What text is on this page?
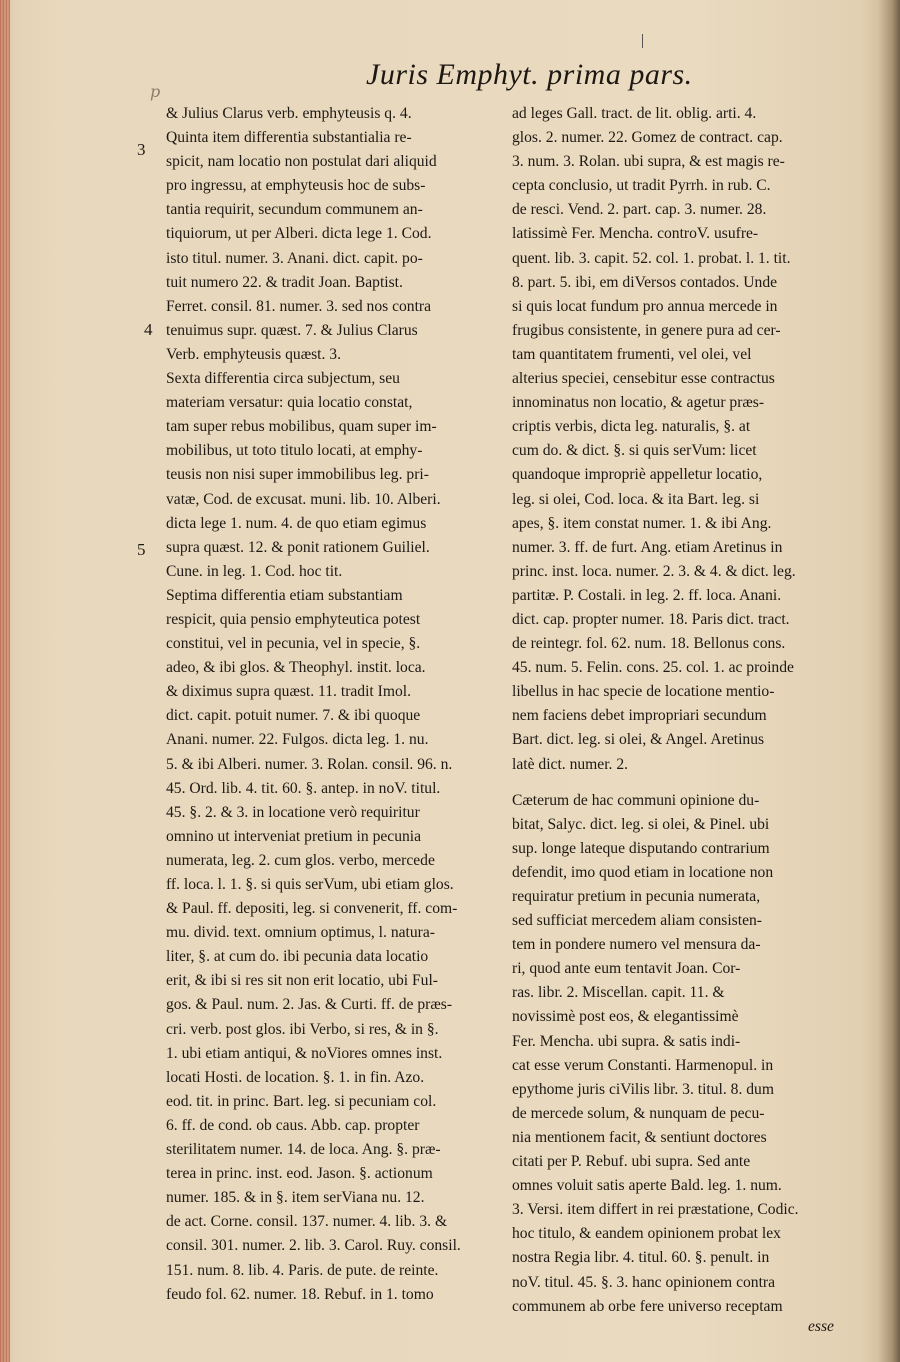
p
Juris Emphyt. prima pars.
3
4
5
& Julius Clarus verb. emphyteusis q. 4.
Quinta item differentia substantialia re-
spicit, nam locatio non postulat dari aliquid
pro ingressu, at emphyteusis hoc de subs-
tantia requirit, secundum communem an-
tiquiorum, ut per Alberi. dicta lege 1. Cod.
isto titul. numer. 3. Anani. dict. capit. po-
tuit numero 22. & tradit Joan. Baptist.
Ferret. consil. 81. numer. 3. sed nos contra
tenuimus supr. quæst. 7. & Julius Clarus
Verb. emphyteusis quæst. 3.
Sexta differentia circa subjectum, seu
materiam versatur: quia locatio constat,
tam super rebus mobilibus, quam super im-
mobilibus, ut toto titulo locati, at emphy-
teusis non nisi super immobilibus leg. pri-
vatæ, Cod. de excusat. muni. lib. 10. Alberi.
dicta lege 1. num. 4. de quo etiam egimus
supra quæst. 12. & ponit rationem Guiliel.
Cune. in leg. 1. Cod. hoc tit.
Septima differentia etiam substantiam
respicit, quia pensio emphyteutica potest
constitui, vel in pecunia, vel in specie, §.
adeo, & ibi glos. & Theophyl. instit. loca.
& diximus supra quæst. 11. tradit Imol.
dict. capit. potuit numer. 7. & ibi quoque
Anani. numer. 22. Fulgos. dicta leg. 1. nu.
5. & ibi Alberi. numer. 3. Rolan. consil. 96. n.
45. Ord. lib. 4. tit. 60. §. antep. in noV. titul.
45. §. 2. & 3. in locatione verò requiritur
omnino ut interveniat pretium in pecunia
numerata, leg. 2. cum glos. verbo, mercede
ff. loca. l. 1. §. si quis serVum, ubi etiam glos.
& Paul. ff. depositi, leg. si convenerit, ff. com-
mu. divid. text. omnium optimus, l. natura-
liter, §. at cum do. ibi pecunia data locatio
erit, & ibi si res sit non erit locatio, ubi Ful-
gos. & Paul. num. 2. Jas. & Curti. ff. de præs-
cri. verb. post glos. ibi Verbo, si res, & in §.
1. ubi etiam antiqui, & noViores omnes inst.
locati Hosti. de location. §. 1. in fin. Azo.
eod. tit. in princ. Bart. leg. si pecuniam col.
6. ff. de cond. ob caus. Abb. cap. propter
sterilitatem numer. 14. de loca. Ang. §. præ-
terea in princ. inst. eod. Jason. §. actionum
numer. 185. & in §. item serViana nu. 12.
de act. Corne. consil. 137. numer. 4. lib. 3. &
consil. 301. numer. 2. lib. 3. Carol. Ruy. consil.
151. num. 8. lib. 4. Paris. de pute. de reinte.
feudo fol. 62. numer. 18. Rebuf. in 1. tomo
ad leges Gall. tract. de lit. oblig. arti. 4.
glos. 2. numer. 22. Gomez de contract. cap.
3. num. 3. Rolan. ubi supra, & est magis re-
cepta conclusio, ut tradit Pyrrh. in rub. C.
de resci. Vend. 2. part. cap. 3. numer. 28.
latissimè Fer. Mencha. controV. usufre-
quent. lib. 3. capit. 52. col. 1. probat. l. 1. tit.
8. part. 5. ibi, em diVersos contados. Unde
si quis locat fundum pro annua mercede in
frugibus consistente, in genere pura ad cer-
tam quantitatem frumenti, vel olei, vel
alterius speciei, censebitur esse contractus
innominatus non locatio, & agetur præs-
criptis verbis, dicta leg. naturalis, §. at
cum do. & dict. §. si quis serVum: licet
quandoque impropriè appelletur locatio,
leg. si olei, Cod. loca. & ita Bart. leg. si
apes, §. item constat numer. 1. & ibi Ang.
numer. 3. ff. de furt. Ang. etiam Aretinus in
princ. inst. loca. numer. 2. 3. & 4. & dict. leg.
partitæ. P. Costali. in leg. 2. ff. loca. Anani.
dict. cap. propter numer. 18. Paris dict. tract.
de reintegr. fol. 62. num. 18. Bellonus cons.
45. num. 5. Felin. cons. 25. col. 1. ac proinde
libellus in hac specie de locatione mentio-
nem faciens debet impropriari secundum
Bart. dict. leg. si olei, & Angel. Aretinus
latè dict. numer. 2.
Cæterum de hac communi opinione du-
bitat, Salyc. dict. leg. si olei, & Pinel. ubi
sup. longe lateque disputando contrarium
defendit, imo quod etiam in locatione non
requiratur pretium in pecunia numerata,
sed sufficiat mercedem aliam consisten-
tem in pondere numero vel mensura da-
ri, quod ante eum tentavit Joan. Cor-
ras. libr. 2. Miscellan. capit. 11. &
novissimè post eos, & elegantissimè
Fer. Mencha. ubi supra. & satis indi-
cat esse verum Constanti. Harmenopul. in
epythome juris ciVilis libr. 3. titul. 8. dum
de mercede solum, & nunquam de pecu-
nia mentionem facit, & sentiunt doctores
citati per P. Rebuf. ubi supra. Sed ante
omnes voluit satis aperte Bald. leg. 1. num.
3. Versi. item differt in rei præstatione, Codic.
hoc titulo, & eandem opinionem probat lex
nostra Regia libr. 4. titul. 60. §. penult. in
noV. titul. 45. §. 3. hanc opinionem contra
communem ab orbe fere universo receptam
esse
